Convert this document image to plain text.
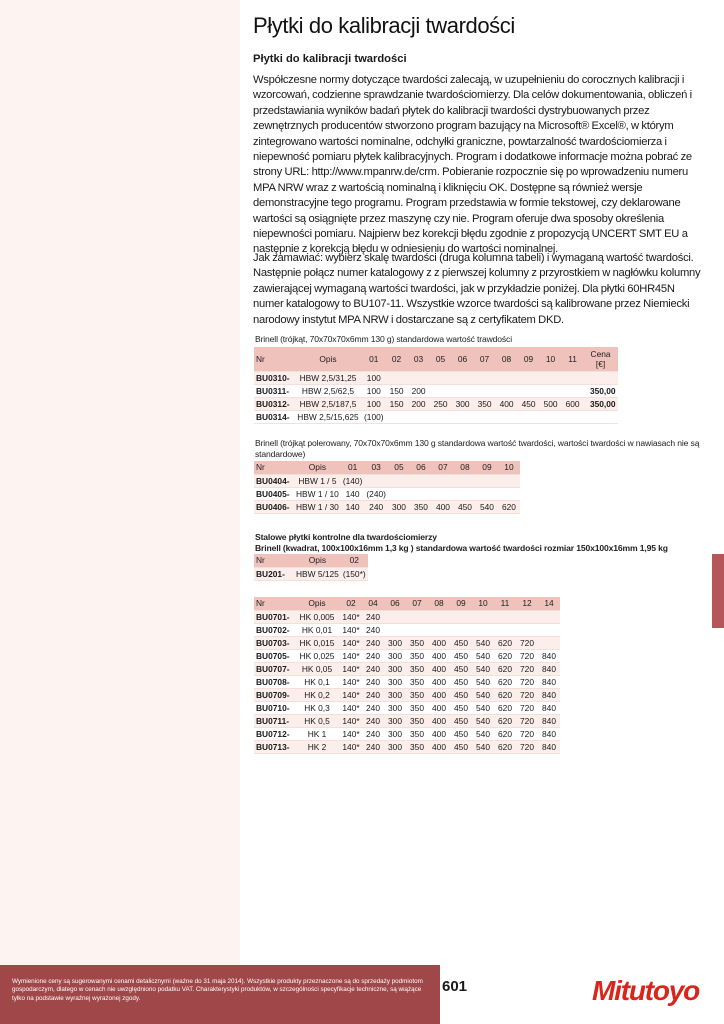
Płytki do kalibracji twardości
Płytki do kalibracji twardości
Współczesne normy dotyczące twardości zalecają, w uzupełnieniu do corocznych kalibracji i wzorcowań, codzienne sprawdzanie twardościomierzy. Dla celów dokumentowania, obliczeń i przedstawiania wyników badań płytek do kalibracji twardości dystrybuowanych przez zewnętrznych producentów stworzono program bazujący na Microsoft® Excel®, w którym zintegrowano wartości nominalne, odchyłki graniczne, powtarzalność twardościomierza i niepewność pomiaru płytek kalibracyjnych. Program i dodatkowe informacje można pobrać ze strony URL: http://www.mpanrw.de/crm. Pobieranie rozpocznie się po wprowadzeniu numeru MPA NRW wraz z wartością nominalną i kliknięciu OK. Dostępne są również wersje demonstracyjne tego programu. Program przedstawia w formie tekstowej, czy deklarowane wartości są osiągnięte przez maszynę czy nie. Program oferuje dwa sposoby określenia niepewności pomiaru. Najpierw bez korekcji błędu zgodnie z propozycją UNCERT SMT EU a następnie z korekcją błędu w odniesieniu do wartości nominalnej.
Jak zamawiać: wybierz skalę twardości (druga kolumna tabeli) i wymaganą wartość twardości. Następnie połącz numer katalogowy z z pierwszej kolumny z przyrostkiem w nagłówku kolumny zawierającej wymaganą wartości twardości, jak w przykładzie poniżej. Dla płytki 60HR45N numer katalogowy to BU107-11. Wszystkie wzorce twardości są kalibrowane przez Niemiecki narodowy instytut MPA NRW i dostarczane są z certyfikatem DKD.
Brinell (trójkąt, 70x70x70x6mm 130 g) standardowa wartość trawdości
Nr	Opis	01	02	03	05	06	07	08	09	10	11	Cena [€]
BU0310-	HBW 2,5/31,25	100										
BU0311-	HBW 2,5/62,5	100	150	200								350,00
BU0312-	HBW 2,5/187,5	100	150	200	250	300	350	400	450	500	600	350,00
BU0314-	HBW 2,5/15,625	(100)										
Brinell (trójkąt polerowany, 70x70x70x6mm 130 g standardowa wartość twardości, wartości twardości w nawiasach nie są standardowe)
Nr	Opis	01	03	05	06	07	08	09	10
BU0404-	HBW 1 / 5	(140)							
BU0405-	HBW 1 / 10	140	(240)						
BU0406-	HBW 1 / 30	140	240	300	350	400	450	540	620
Stalowe płytki kontrolne dla twardościomierzy
Brinell (kwadrat, 100x100x16mm 1,3 kg ) standardowa wartość twardości rozmiar 150x100x16mm 1,95 kg
Nr	Opis	02
BU201-	HBW 5/125	(150*)
Nr	Opis	02	04	06	07	08	09	10	11	12	14
BU0701-	HK 0,005	140*	240								
BU0702-	HK 0,01	140*	240								
BU0703-	HK 0,015	140*	240	300	350	400	450	540	620	720	
BU0705-	HK 0,025	140*	240	300	350	400	450	540	620	720	840
BU0707-	HK 0,05	140*	240	300	350	400	450	540	620	720	840
BU0708-	HK 0,1	140*	240	300	350	400	450	540	620	720	840
BU0709-	HK 0,2	140*	240	300	350	400	450	540	620	720	840
BU0710-	HK 0,3	140*	240	300	350	400	450	540	620	720	840
BU0711-	HK 0,5	140*	240	300	350	400	450	540	620	720	840
BU0712-	HK 1	140*	240	300	350	400	450	540	620	720	840
BU0713-	HK 2	140*	240	300	350	400	450	540	620	720	840
Wymienione ceny są sugerowanymi cenami detalicznymi (ważne do 31 maja 2014). Wszystkie produkty przeznaczone są do sprzedaży podmiotom gospodarczym, dlatego w cenach nie uwzględniono podatku VAT. Charakterystyki produktów, w szczególności specyfikacje techniczne, są wiążące tylko na podstawie wyraźnej wyrażonej zgody.
601	Mitutoyo
